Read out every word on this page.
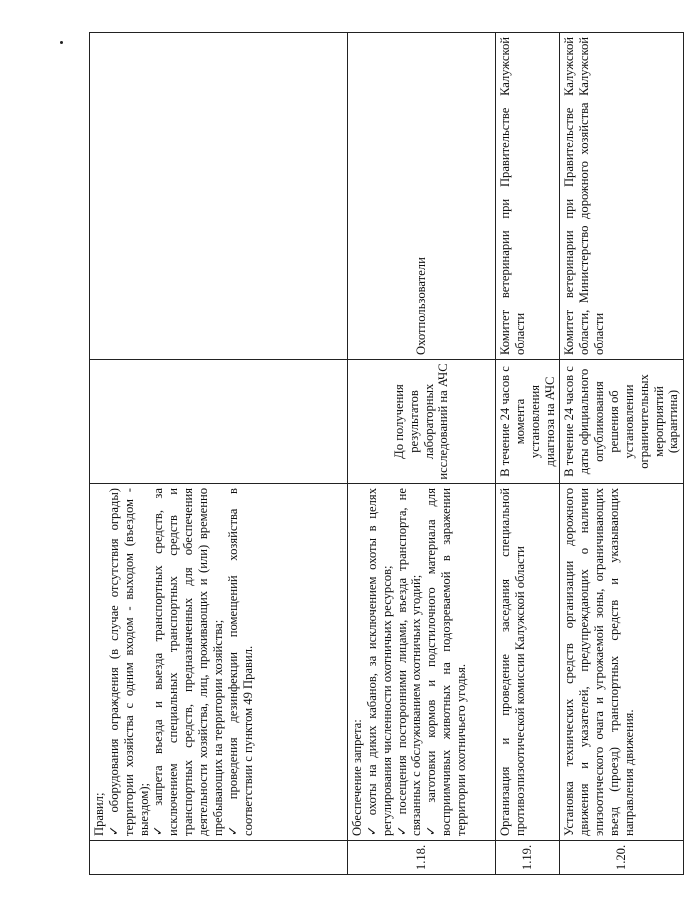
	Правил; ✓ оборудования ограждения (в случае отсутствия ограды) территории хозяйства с одним входом - выходом (въездом - выездом); ✓ запрета въезда и выезда транспортных средств, за исключением специальных транспортных средств и транспортных средств, предназначенных для обеспечения деятельности хозяйства, лиц, проживающих и (или) временно пребывающих на территории хозяйства; ✓ проведения дезинфекции помещений хозяйства в соответствии с пунктом 49 Правил.		

1.18.	Обеспечение запрета: ✓ охоты на диких кабанов, за исключением охоты в целях регулирования численности охотничьих ресурсов; ✓ посещения посторонними лицами, въезда транспорта, не связанных с обслуживанием охотничьих угодий; ✓ заготовки кормов и подстилочного материала для восприимчивых животных на подозреваемой в заражении территории охотничьего угодья.	До получения результатов лабораторных исследований на АЧС	Охотпользователи
1.19.	Организация и проведение заседания специальной противоэпизоотической комиссии Калужской области	В течение 24 часов с момента установления диагноза на АЧС	Комитет ветеринарии при Правительстве Калужской области
1.20.	Установка технических средств организации дорожного движения и указателей, предупреждающих о наличии эпизоотического очага и угрожаемой зоны, ограничивающих въезд (проезд) транспортных средств и указывающих направления движения.	В течение 24 часов с даты официального опубликования решения об установлении ограничительных мероприятий (карантина)	Комитет ветеринарии при Правительстве Калужской области, Министерство дорожного хозяйства Калужской области
